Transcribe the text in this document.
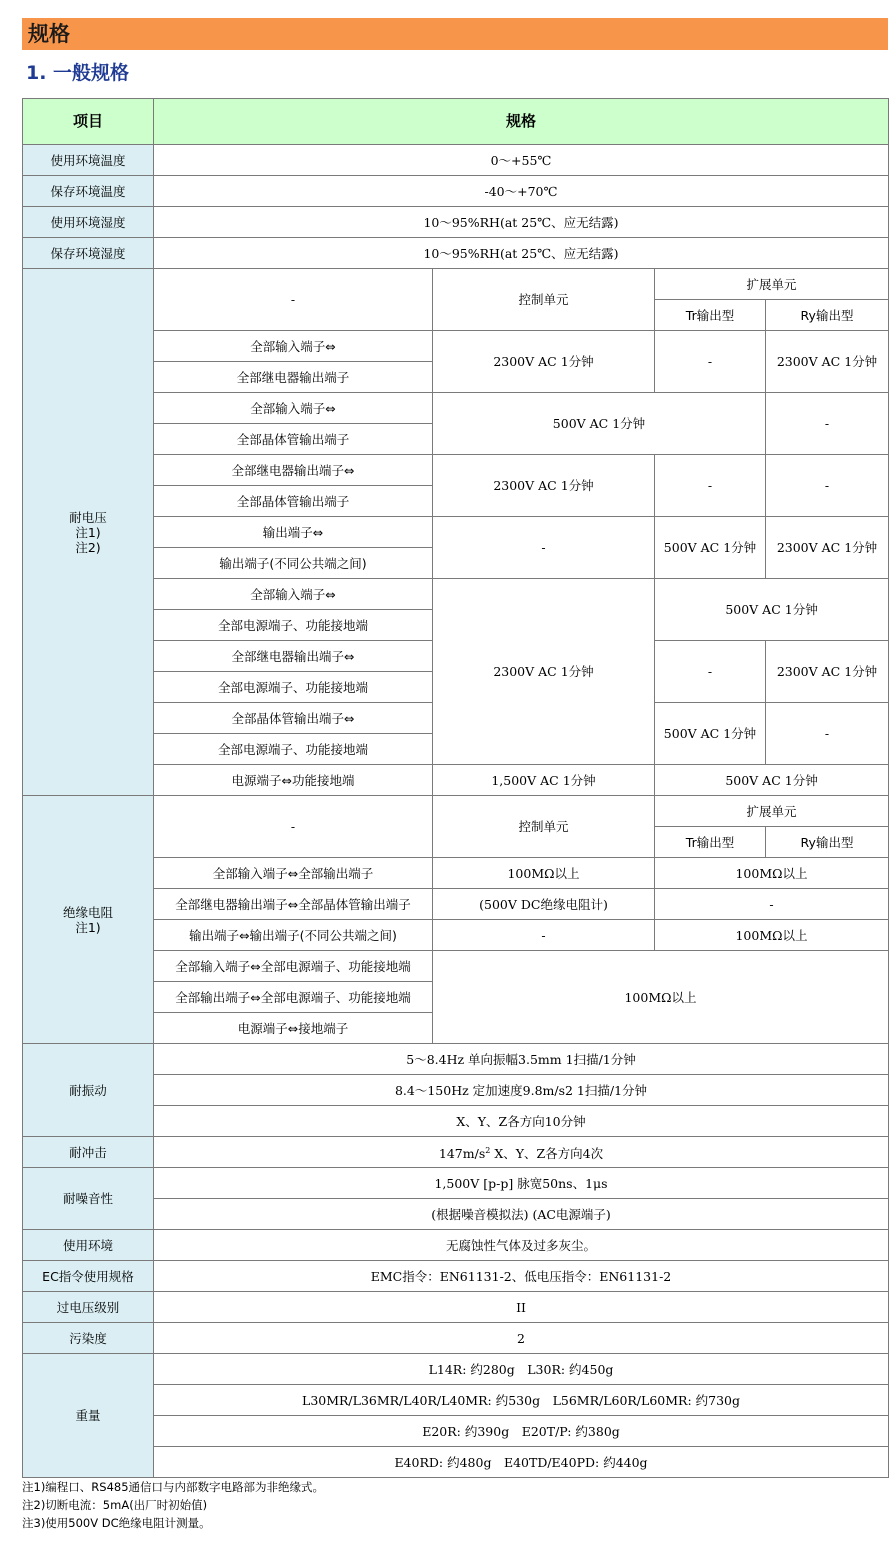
规格
1. 一般规格
项目	规格			
使用环境温度	0～+55℃			
保存环境温度	-40～+70℃			
使用环境湿度	10～95%RH(at 25℃、应无结露)			
保存环境湿度	10～95%RH(at 25℃、应无结露)			
耐电压
注1)
注2)	-	控制单元	扩展单元	
			Tr输出型	Ry输出型
	全部输入端子⇔	2300V AC 1分钟	-	2300V AC 1分钟
	全部继电器输出端子			
	全部输入端子⇔	500V AC 1分钟		-
	全部晶体管输出端子			
	全部继电器输出端子⇔	2300V AC 1分钟	-	-
	全部晶体管输出端子			
	输出端子⇔	-	500V AC 1分钟	2300V AC 1分钟
	输出端子(不同公共端之间)			
	全部输入端子⇔	2300V AC 1分钟	500V AC 1分钟	
	全部电源端子、功能接地端			
	全部继电器输出端子⇔		-	2300V AC 1分钟
	全部电源端子、功能接地端			
	全部晶体管输出端子⇔		500V AC 1分钟	-
	全部电源端子、功能接地端			
	电源端子⇔功能接地端	1,500V AC 1分钟	500V AC 1分钟	
绝缘电阻
注1)	-	控制单元	扩展单元	
			Tr输出型	Ry输出型
	全部输入端子⇔全部输出端子	100MΩ以上	100MΩ以上	
	全部继电器输出端子⇔全部晶体管输出端子	(500V DC绝缘电阻计)	-	
	输出端子⇔输出端子(不同公共端之间)	-	100MΩ以上	
	全部输入端子⇔全部电源端子、功能接地端	100MΩ以上		
	全部输出端子⇔全部电源端子、功能接地端			
	电源端子⇔接地端子			
耐振动	5～8.4Hz 单向振幅3.5mm 1扫描/1分钟			
	8.4～150Hz 定加速度9.8m/s2 1扫描/1分钟			
	X、Y、Z各方向10分钟			
耐冲击	$147m/s^2$ X、Y、Z各方向4次			
耐噪音性	1,500V [p-p] 脉宽50ns、1μs			
	(根据噪音模拟法) (AC电源端子)			
使用环境	无腐蚀性气体及过多灰尘。			
EC指令使用规格	EMC指令：EN61131-2、低电压指令：EN61131-2			
过电压级别	II			
污染度	2			
重量	L14R: 约280g　L30R: 约450g			
	L30MR/L36MR/L40R/L40MR: 约530g　L56MR/L60R/L60MR: 约730g			
	E20R: 约390g　E20T/P: 约380g			
	E40RD: 约480g　E40TD/E40PD: 约440g			
注1)编程口、RS485通信口与内部数字电路部为非绝缘式。
注2)切断电流：5mA(出厂时初始值)
注3)使用500V DC绝缘电阻计测量。
